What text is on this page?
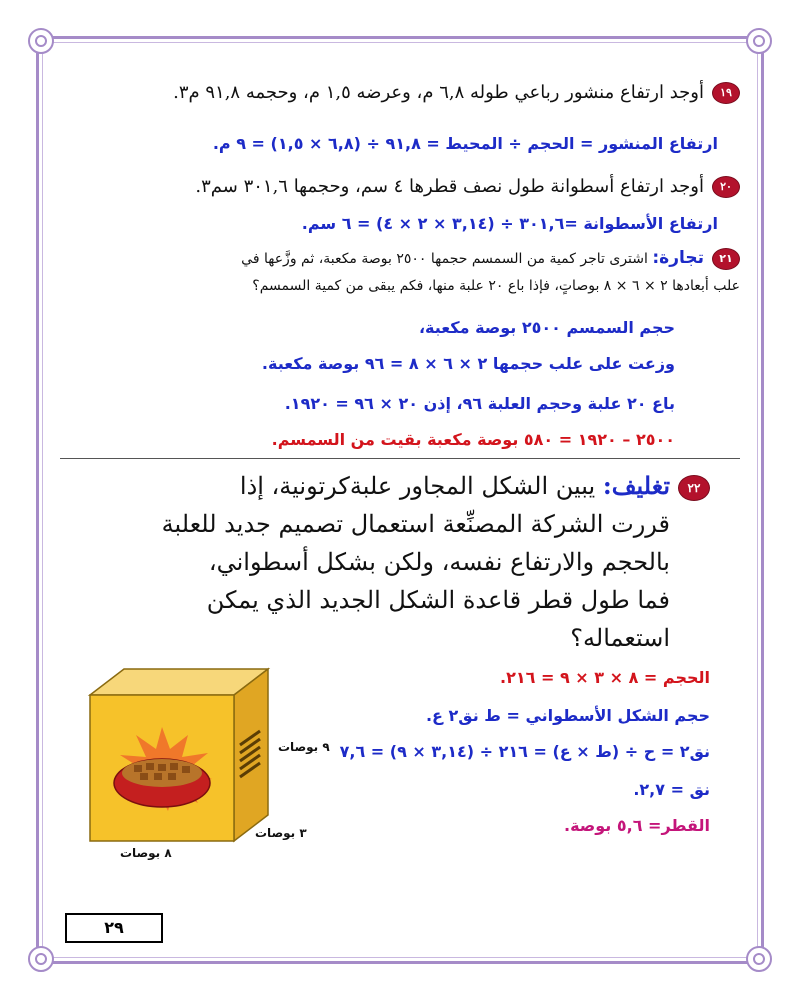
١٩أوجد ارتفاع منشور رباعي طوله ٦,٨ م، وعرضه ١,٥ م، وحجمه ٩١,٨ م٣.
ارتفاع المنشور = الحجم ÷ المحيط = ٩١,٨ ÷ (٦,٨ × ١,٥) = ٩ م.
٢٠أوجد ارتفاع أسطوانة طول نصف قطرها ٤ سم، وحجمها ٣٠١,٦ سم٣.
ارتفاع الأسطوانة =٣٠١,٦ ÷ (٣,١٤ × ٢ × ٤) = ٦ سم.
٢١تجارة: اشترى تاجر كمية من السمسم حجمها ٢٥٠٠ بوصة مكعبة، ثم وزَّعها في
علب أبعادها ٢ × ٦ × ٨ بوصاتٍ، فإذا باع ٢٠ علبة منها، فكم يبقى من كمية السمسم؟
حجم السمسم ٢٥٠٠ بوصة مكعبة،
وزعت على علب حجمها ٢ × ٦ × ٨ = ٩٦ بوصة مكعبة.
باع ٢٠ علبة وحجم العلبة ٩٦، إذن ٢٠ × ٩٦ = ١٩٢٠.
٢٥٠٠ – ١٩٢٠ = ٥٨٠ بوصة مكعبة بقيت من السمسم.
٢٢تغليف: يبين الشكل المجاور علبةكرتونية، إذا
قررت الشركة المصنِّعة استعمال تصميم جديد للعلبة
بالحجم والارتفاع نفسه، ولكن بشكل أسطواني،
فما طول قطر قاعدة الشكل الجديد الذي يمكن
استعماله؟
الحجم = ٨ × ٣ × ٩ = ٢١٦.
حجم الشكل الأسطواني = ط نق٢ ع.
نق٢ = ح ÷ (ط × ع) = ٢١٦ ÷ (٣,١٤ × ٩) = ٧,٦
نق = ٢,٧.
القطر= ٥,٦ بوصة.
٩ بوصات
٣ بوصات
٨ بوصات
٢٩
